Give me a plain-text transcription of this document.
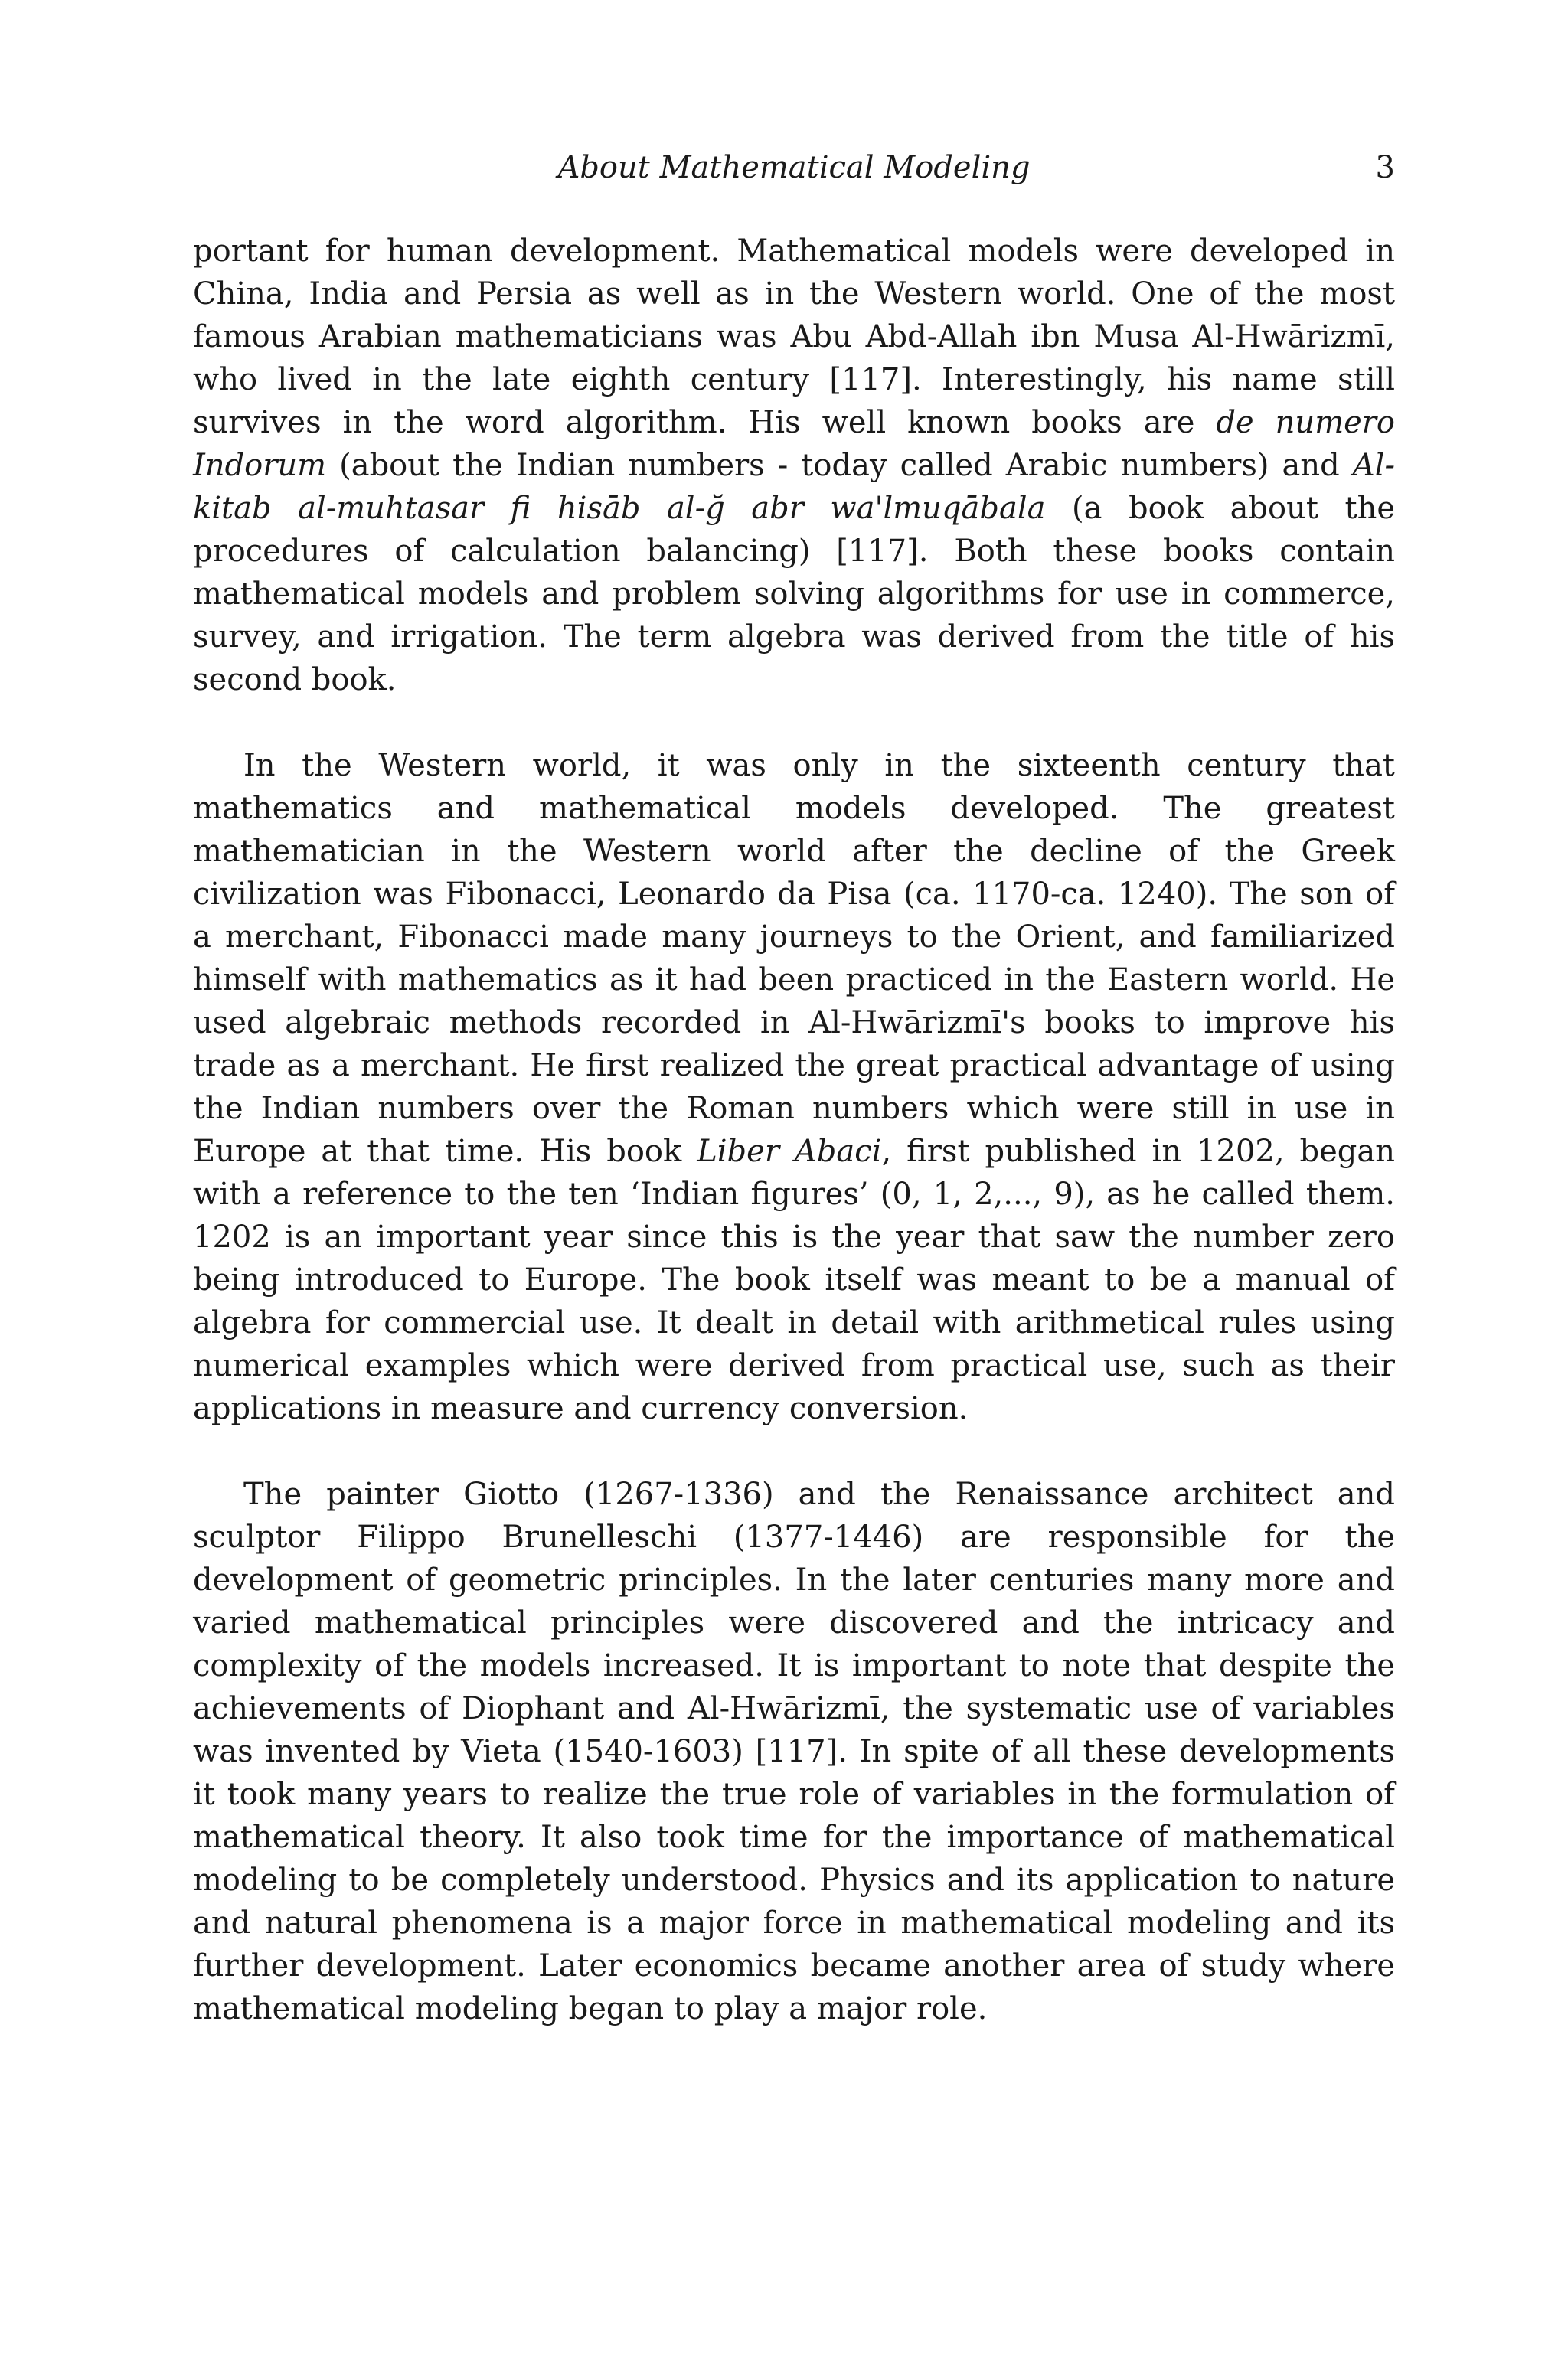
About Mathematical Modeling	3

portant for human development. Mathematical models were developed in China, India and Persia as well as in the Western world. One of the most famous Arabian mathematicians was Abu Abd-Allah ibn Musa Al-Hwārizmī, who lived in the late eighth century [117]. Interestingly, his name still survives in the word algorithm. His well known books are de numero Indorum (about the Indian numbers - today called Arabic numbers) and Al-kitab al-muhtasar fi hisāb al-ğ abr wa'lmuqābala (a book about the procedures of calculation balancing) [117]. Both these books contain mathematical models and problem solving algorithms for use in commerce, survey, and irrigation. The term algebra was derived from the title of his second book.

In the Western world, it was only in the sixteenth century that mathematics and mathematical models developed. The greatest mathematician in the Western world after the decline of the Greek civilization was Fibonacci, Leonardo da Pisa (ca. 1170-ca. 1240). The son of a merchant, Fibonacci made many journeys to the Orient, and familiarized himself with mathematics as it had been practiced in the Eastern world. He used algebraic methods recorded in Al-Hwārizmī's books to improve his trade as a merchant. He first realized the great practical advantage of using the Indian numbers over the Roman numbers which were still in use in Europe at that time. His book Liber Abaci, first published in 1202, began with a reference to the ten ‘Indian figures’ (0, 1, 2,..., 9), as he called them. 1202 is an important year since this is the year that saw the number zero being introduced to Europe. The book itself was meant to be a manual of algebra for commercial use. It dealt in detail with arithmetical rules using numerical examples which were derived from practical use, such as their applications in measure and currency conversion.

The painter Giotto (1267-1336) and the Renaissance architect and sculptor Filippo Brunelleschi (1377-1446) are responsible for the development of geometric principles. In the later centuries many more and varied mathematical principles were discovered and the intricacy and complexity of the models increased. It is important to note that despite the achievements of Diophant and Al-Hwārizmī, the systematic use of variables was invented by Vieta (1540-1603) [117]. In spite of all these developments it took many years to realize the true role of variables in the formulation of mathematical theory. It also took time for the importance of mathematical modeling to be completely understood. Physics and its application to nature and natural phenomena is a major force in mathematical modeling and its further development. Later economics became another area of study where mathematical modeling began to play a major role.
